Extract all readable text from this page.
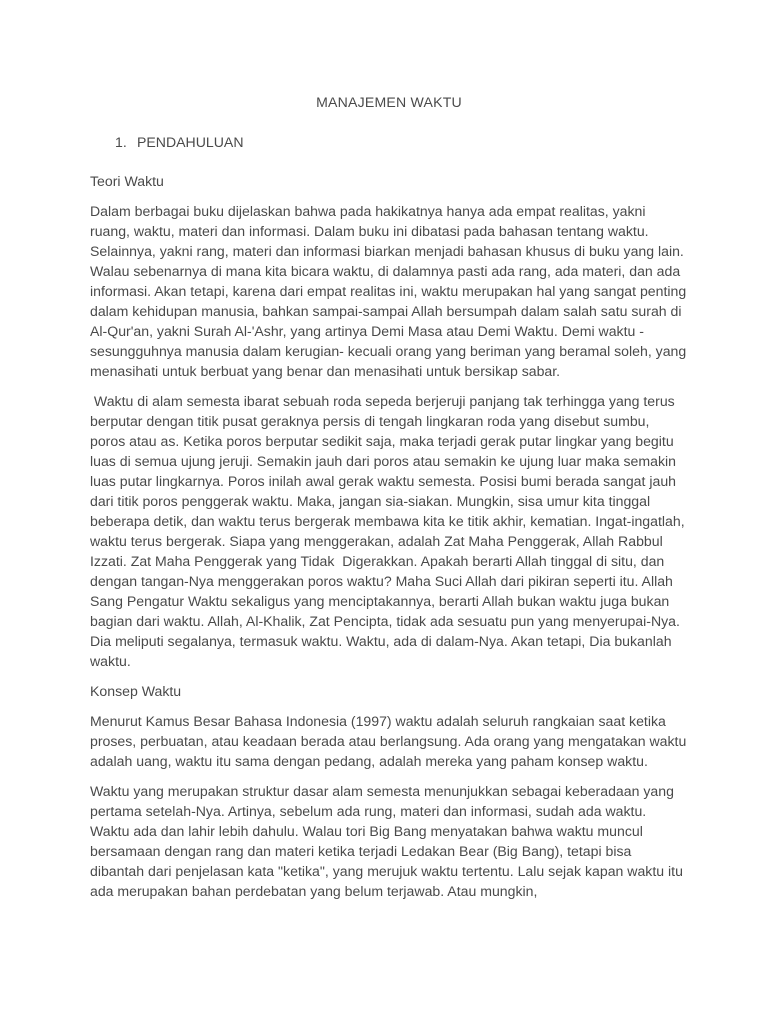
MANAJEMEN WAKTU
1. PENDAHULUAN
Teori Waktu
Dalam berbagai buku dijelaskan bahwa pada hakikatnya hanya ada empat realitas, yakni ruang, waktu, materi dan informasi. Dalam buku ini dibatasi pada bahasan tentang waktu. Selainnya, yakni rang, materi dan informasi biarkan menjadi bahasan khusus di buku yang lain. Walau sebenarnya di mana kita bicara waktu, di dalamnya pasti ada rang, ada materi, dan ada informasi. Akan tetapi, karena dari empat realitas ini, waktu merupakan hal yang sangat penting dalam kehidupan manusia, bahkan sampai-sampai Allah bersumpah dalam salah satu surah di Al-Qur'an, yakni Surah Al-'Ashr, yang artinya Demi Masa atau Demi Waktu. Demi waktu -sesungguhnya manusia dalam kerugian- kecuali orang yang beriman yang beramal soleh, yang menasihati untuk berbuat yang benar dan menasihati untuk bersikap sabar.
Waktu di alam semesta ibarat sebuah roda sepeda berjeruji panjang tak terhingga yang terus berputar dengan titik pusat geraknya persis di tengah lingkaran roda yang disebut sumbu, poros atau as. Ketika poros berputar sedikit saja, maka terjadi gerak putar lingkar yang begitu luas di semua ujung jeruji. Semakin jauh dari poros atau semakin ke ujung luar maka semakin luas putar lingkarnya. Poros inilah awal gerak waktu semesta. Posisi bumi berada sangat jauh dari titik poros penggerak waktu. Maka, jangan sia-siakan. Mungkin, sisa umur kita tinggal beberapa detik, dan waktu terus bergerak membawa kita ke titik akhir, kematian. Ingat-ingatlah, waktu terus bergerak. Siapa yang menggerakan, adalah Zat Maha Penggerak, Allah Rabbul Izzati. Zat Maha Penggerak yang Tidak  Digerakkan. Apakah berarti Allah tinggal di situ, dan dengan tangan-Nya menggerakan poros waktu? Maha Suci Allah dari pikiran seperti itu. Allah Sang Pengatur Waktu sekaligus yang menciptakannya, berarti Allah bukan waktu juga bukan bagian dari waktu. Allah, Al-Khalik, Zat Pencipta, tidak ada sesuatu pun yang menyerupai-Nya. Dia meliputi segalanya, termasuk waktu. Waktu, ada di dalam-Nya. Akan tetapi, Dia bukanlah waktu.
Konsep Waktu
Menurut Kamus Besar Bahasa Indonesia (1997) waktu adalah seluruh rangkaian saat ketika proses, perbuatan, atau keadaan berada atau berlangsung. Ada orang yang mengatakan waktu adalah uang, waktu itu sama dengan pedang, adalah mereka yang paham konsep waktu.
Waktu yang merupakan struktur dasar alam semesta menunjukkan sebagai keberadaan yang pertama setelah-Nya. Artinya, sebelum ada rung, materi dan informasi, sudah ada waktu. Waktu ada dan lahir lebih dahulu. Walau tori Big Bang menyatakan bahwa waktu muncul bersamaan dengan rang dan materi ketika terjadi Ledakan Bear (Big Bang), tetapi bisa dibantah dari penjelasan kata "ketika", yang merujuk waktu tertentu. Lalu sejak kapan waktu itu ada merupakan bahan perdebatan yang belum terjawab. Atau mungkin,
